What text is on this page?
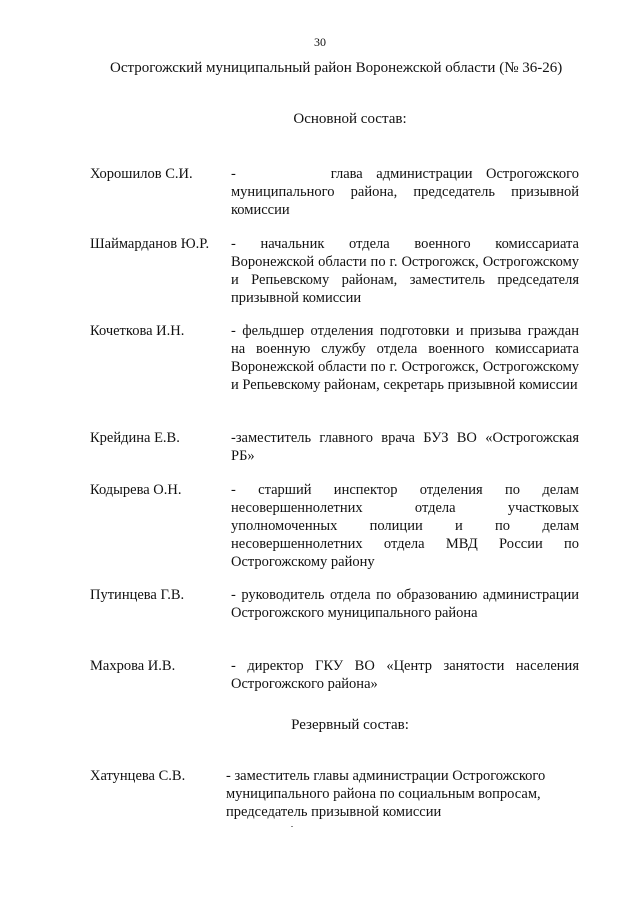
30
Острогожский муниципальный район Воронежской области (№ 36-26)
Основной состав:
Хорошилов С.И.	-       глава администрации Острогожского муниципального района, председатель призывной комиссии
Шаймарданов Ю.Р.	- начальник отдела военного комиссариата Воронежской области по г. Острогожск, Острогожскому и Репьевскому районам, заместитель председателя призывной комиссии
Кочеткова И.Н.	- фельдшер отделения подготовки и призыва граждан на военную службу отдела военного комиссариата Воронежской области по г. Острогожск, Острогожскому и Репьевскому районам, секретарь призывной комиссии
Крейдина Е.В.	-заместитель главного врача БУЗ ВО «Острогожская РБ»
Кодырева О.Н.	- старший инспектор отделения по делам несовершеннолетних отдела участковых уполномоченных полиции и по делам несовершеннолетних отдела МВД России по Острогожскому району
Путинцева Г.В.	- руководитель отдела по образованию администрации Острогожского муниципального района
Махрова И.В.	- директор ГКУ ВО «Центр занятости населения Острогожского района»
Резервный состав:
Хатунцева С.В.	- заместитель главы администрации Острогожского муниципального района по социальным вопросам, председатель призывной комиссии
